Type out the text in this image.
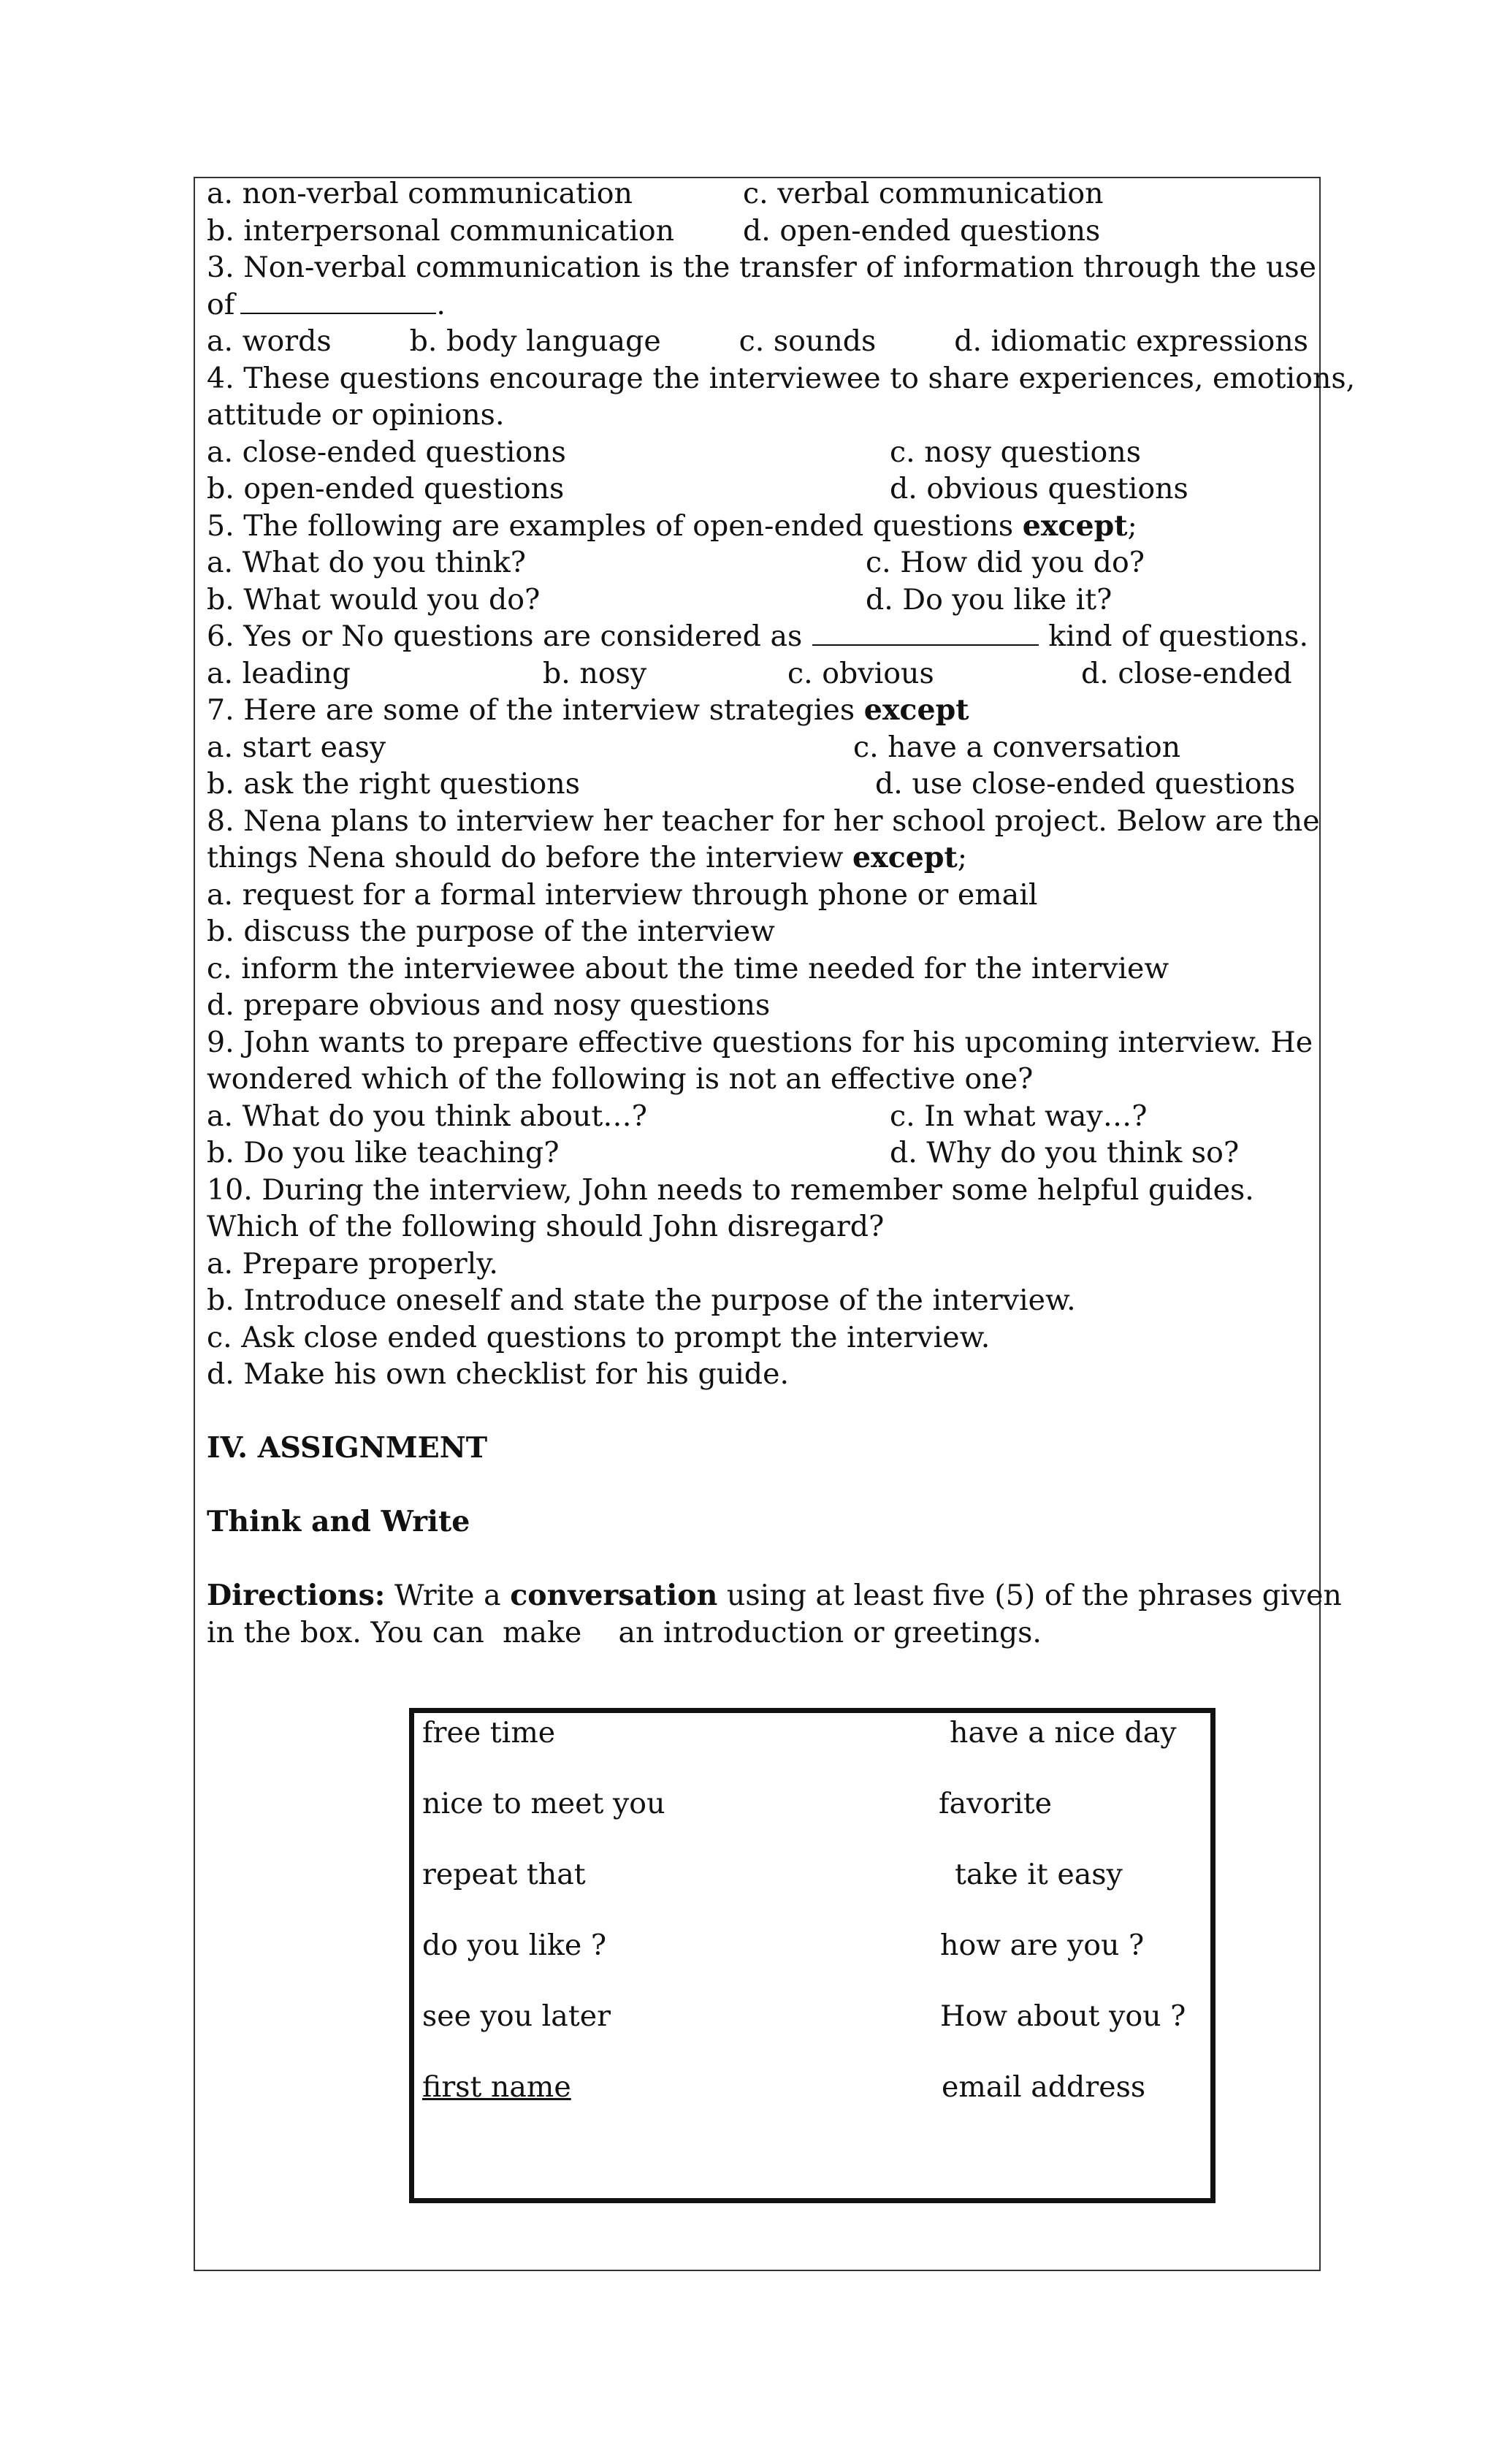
a. non-verbal communication	c. verbal communication
b. interpersonal communication d. open-ended questions
3. Non-verbal communication is the transfer of information through the use
of	.
a. words	b. body language	c. sounds	d. idiomatic expressions
4. These questions encourage the interviewee to share experiences, emotions,
attitude or opinions.
a. close-ended questions	c. nosy questions
b. open-ended questions	d. obvious questions
5. The following are examples of open-ended questions except ;
a. What do you think?	c. How did you do?
b. What would you do?	d. Do you like it?
6. Yes or No questions are considered as	kind of questions.
a. leading	b. nosy	c. obvious	d. close-ended
7. Here are some of the interview strategies except
a. start easy	c. have a conversation
b. ask the right questions	d. use close-ended questions
8. Nena plans to interview her teacher for her school project. Below are the
things Nena should do before the interview except ;
a. request for a formal interview through phone or email
b. discuss the purpose of the interview
c. inform the interviewee about the time needed for the interview
d. prepare obvious and nosy questions
9. John wants to prepare effective questions for his upcoming interview. He
wondered which of the following is not an effective one?
a. What do you think about…?	c. In what way…?
b. Do you like teaching?	d. Why do you think so?
10. During the interview, John needs to remember some helpful guides.
Which of the following should John disregard?
a. Prepare properly.
b. Introduce oneself and state the purpose of the interview.
c. Ask close ended questions to prompt the interview.
d. Make his own checklist for his guide.
IV. ASSIGNMENT
Think and Write
Directions: Write a conversation using at least five (5) of the phrases given
in the box. You can  make    an introduction or greetings.
free time	have a nice day
nice to meet you	favorite
repeat that	take it easy
do you like ?	how are you ?
see you later	How about you ?
first name	email address
